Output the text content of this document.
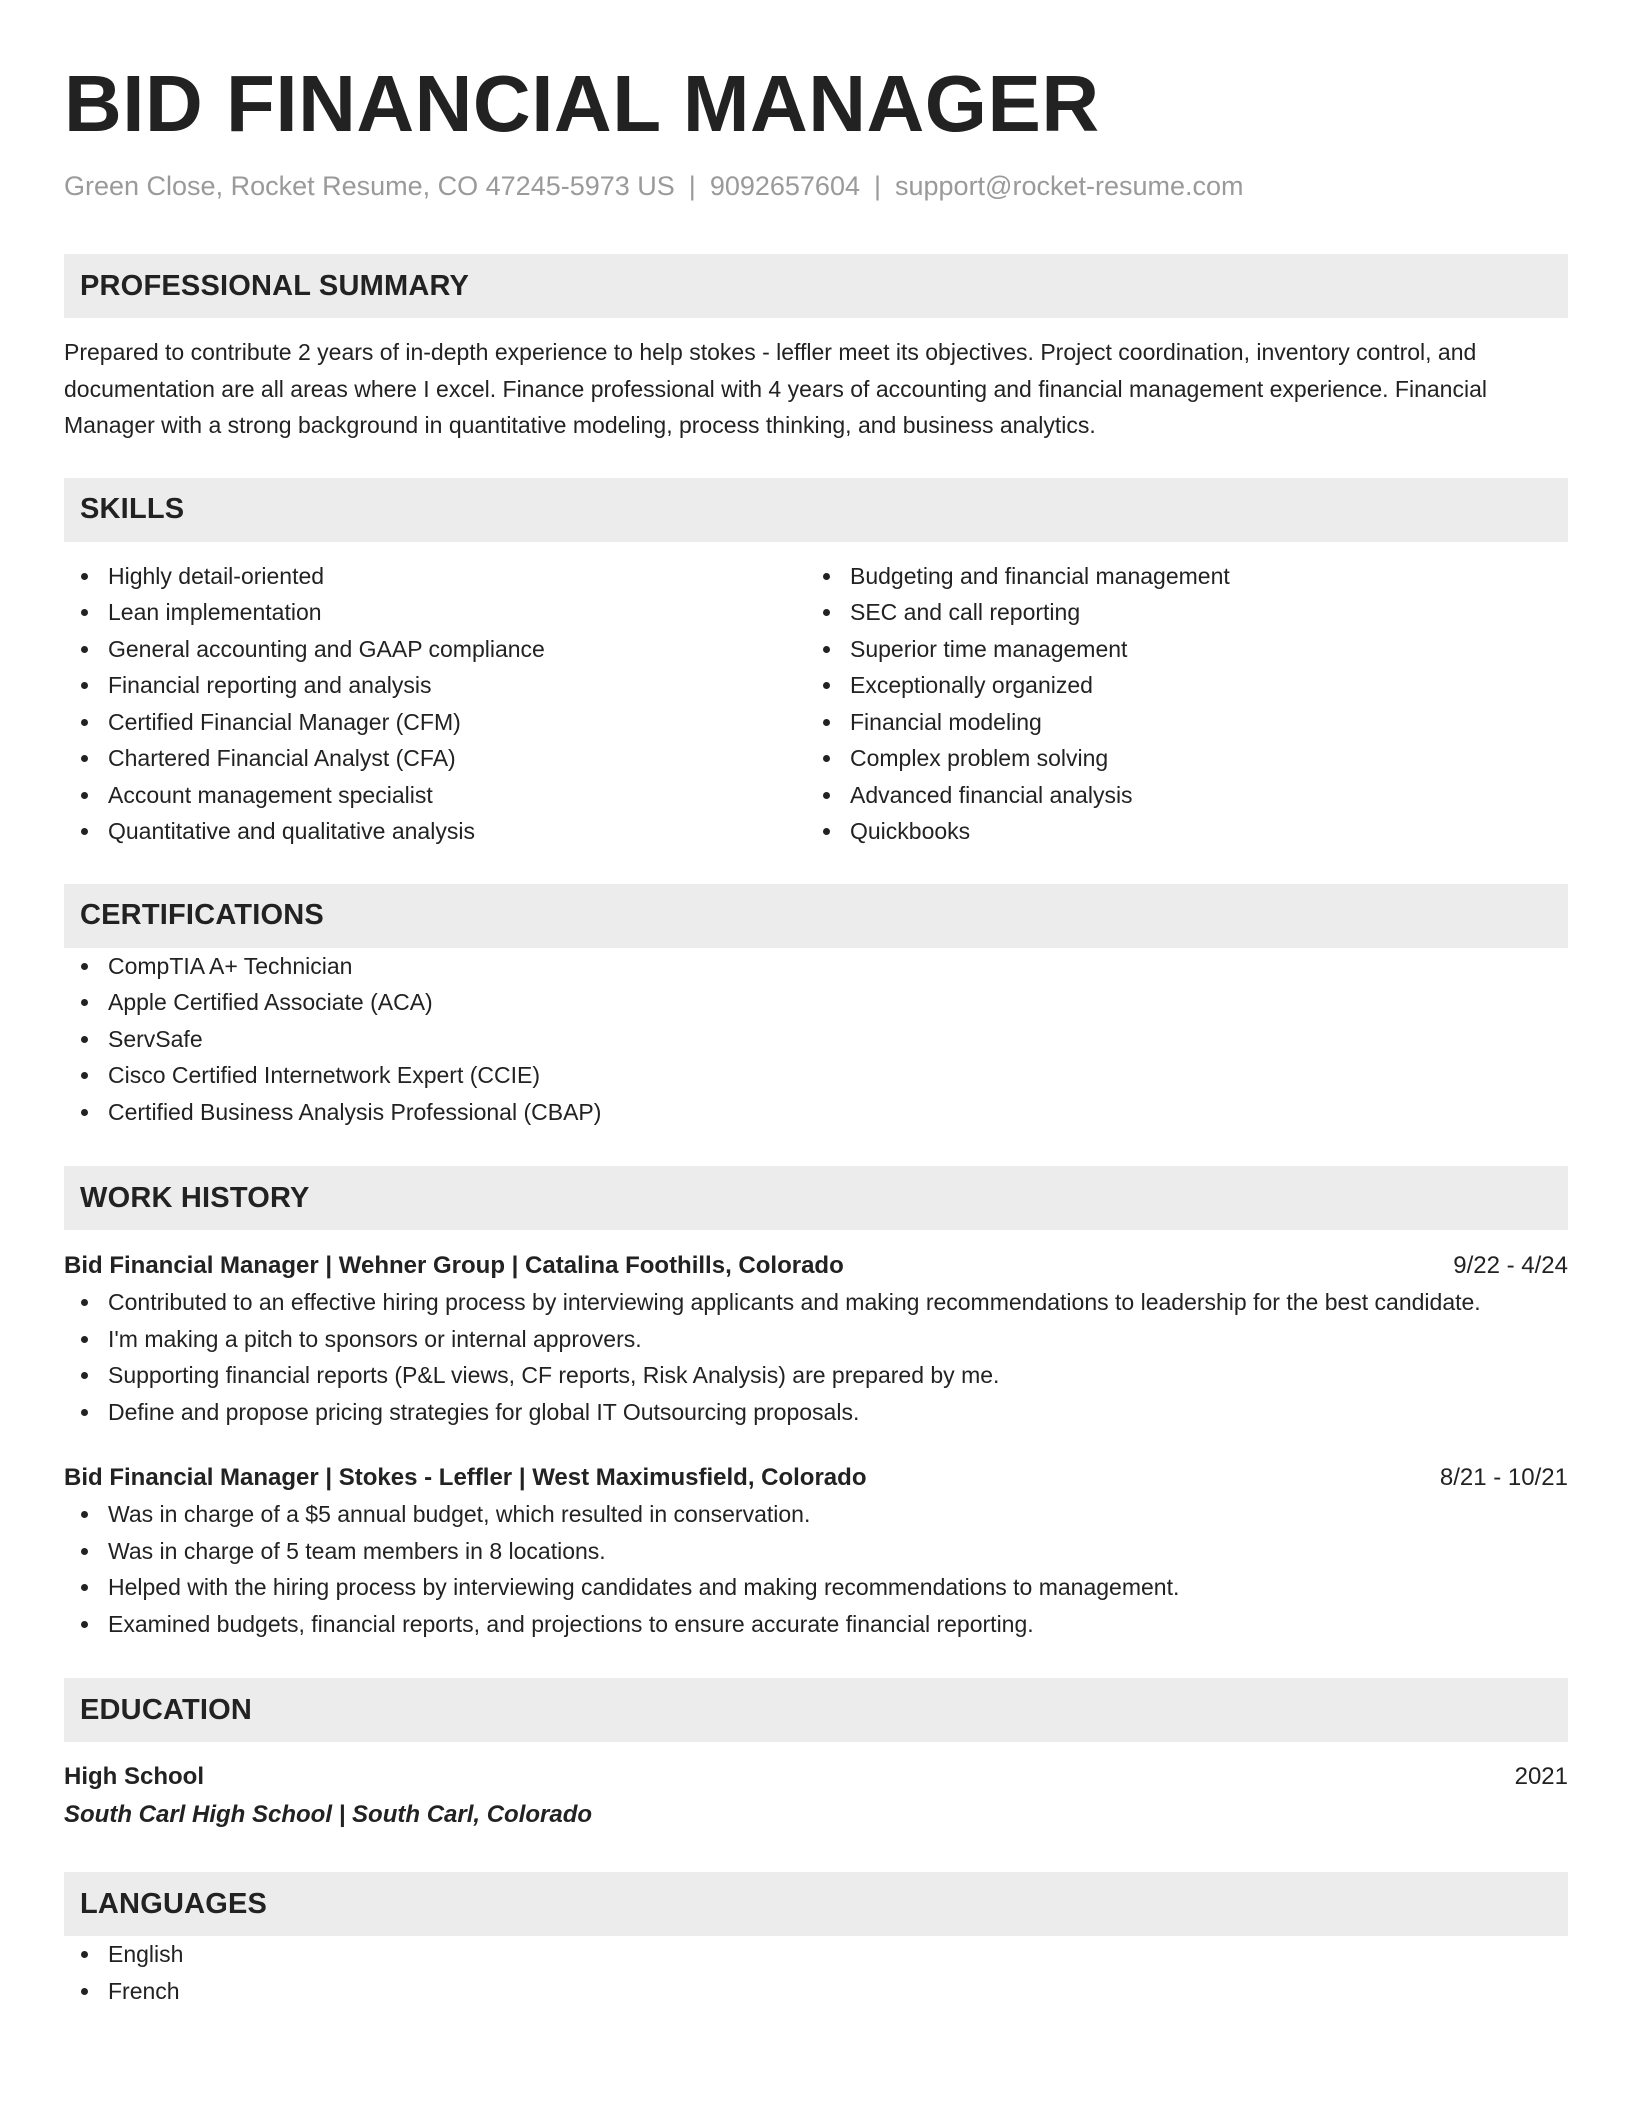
BID FINANCIAL MANAGER
Green Close, Rocket Resume, CO 47245-5973 US | 9092657604 | support@rocket-resume.com
PROFESSIONAL SUMMARY
Prepared to contribute 2 years of in-depth experience to help stokes - leffler meet its objectives. Project coordination, inventory control, and documentation are all areas where I excel. Finance professional with 4 years of accounting and financial management experience. Financial Manager with a strong background in quantitative modeling, process thinking, and business analytics.
SKILLS
Highly detail-oriented
Lean implementation
General accounting and GAAP compliance
Financial reporting and analysis
Certified Financial Manager (CFM)
Chartered Financial Analyst (CFA)
Account management specialist
Quantitative and qualitative analysis
Budgeting and financial management
SEC and call reporting
Superior time management
Exceptionally organized
Financial modeling
Complex problem solving
Advanced financial analysis
Quickbooks
CERTIFICATIONS
CompTIA A+ Technician
Apple Certified Associate (ACA)
ServSafe
Cisco Certified Internetwork Expert (CCIE)
Certified Business Analysis Professional (CBAP)
WORK HISTORY
Bid Financial Manager | Wehner Group | Catalina Foothills, Colorado	9/22 - 4/24
Contributed to an effective hiring process by interviewing applicants and making recommendations to leadership for the best candidate.
I'm making a pitch to sponsors or internal approvers.
Supporting financial reports (P&L views, CF reports, Risk Analysis) are prepared by me.
Define and propose pricing strategies for global IT Outsourcing proposals.
Bid Financial Manager | Stokes - Leffler | West Maximusfield, Colorado	8/21 - 10/21
Was in charge of a $5 annual budget, which resulted in conservation.
Was in charge of 5 team members in 8 locations.
Helped with the hiring process by interviewing candidates and making recommendations to management.
Examined budgets, financial reports, and projections to ensure accurate financial reporting.
EDUCATION
High School	2021
South Carl High School | South Carl, Colorado
LANGUAGES
English
French
